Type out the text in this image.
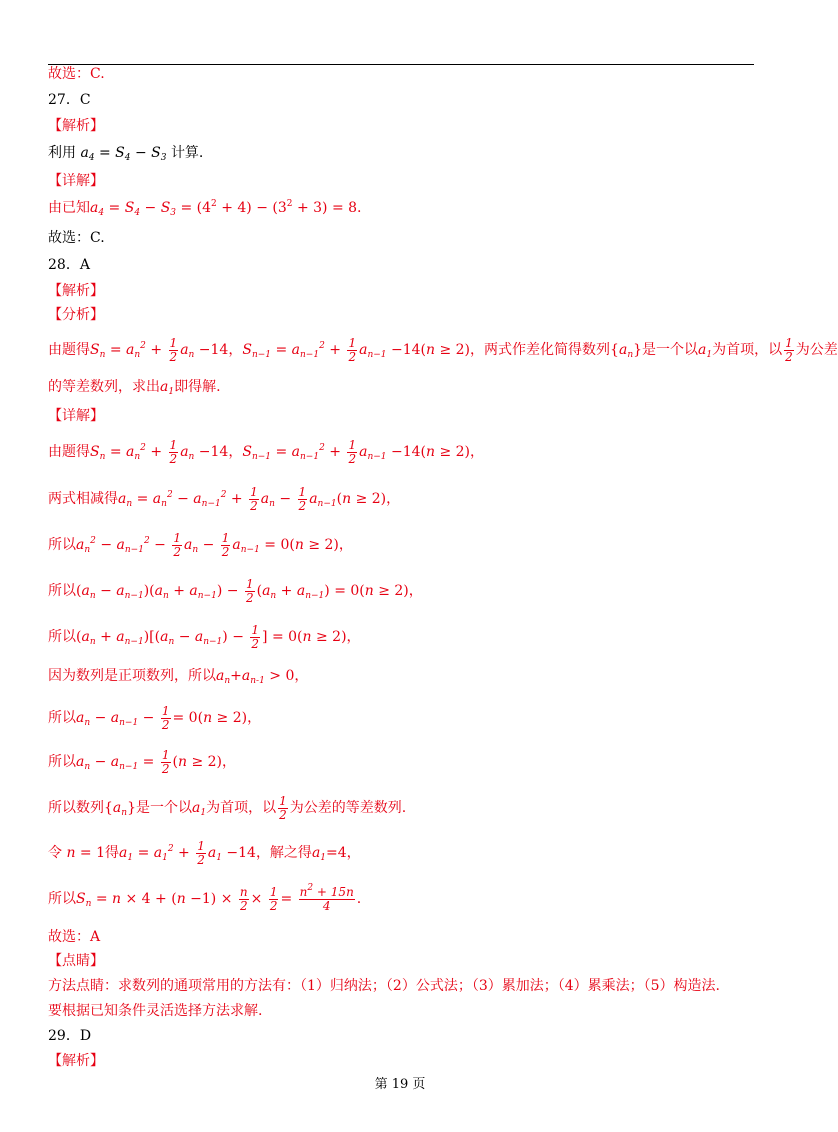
故选：C.
27．C
【解析】
利用 $a_4 = S_4 - S_3$ 计算.
【详解】
由已知$a_4 = S_4 - S_3 = (4^2 + 4) - (3^2 + 3) = 8$.
故选：C.
28．A
【解析】
【分析】
由题得$S_n = a_n^2 + \frac{1}{2} a_n -14$，$S_{n-1} = a_{n-1}^2 + \frac{1}{2} a_{n-1} -14(n \ge 2)$，两式作差化简得数列$\{a_n\}$是一个以$a_1$为首项，以 $\frac{1}{2}$ 为公差
的等差数列，求出$a_1$即得解.
【详解】
由题得$S_n = a_n^2 + \frac{1}{2} a_n -14$，$S_{n-1} = a_{n-1}^2 + \frac{1}{2} a_{n-1} -14(n \ge 2)$，
两式相减得$a_n = a_n^2 - a_{n-1}^2 + \frac{1}{2} a_n - \frac{1}{2} a_{n-1}(n \ge 2)$，
所以$a_n^2 - a_{n-1}^2 - \frac{1}{2} a_n - \frac{1}{2} a_{n-1} = 0(n \ge 2)$，
所以$(a_n - a_{n-1})(a_n + a_{n-1}) - \frac{1}{2} (a_n + a_{n-1}) = 0(n \ge 2)$，
所以$(a_n + a_{n-1})[(a_n - a_{n-1}) - \frac{1}{2}$ ] = 0(n ≥ 2)，
因为数列是正项数列，所以$a_n+a_{n-1} > 0$，
所以$a_n - a_{n-1} - \frac{1}{2} = 0(n \ge 2)$，
所以$a_n - a_{n-1} = \frac{1}{2} (n \ge 2)$，
所以数列$\{a_n\}$是一个以$a_1$为首项，以 $\frac{1}{2}$ 为公差的等差数列.
令 n = 1得$a_1 = a_1^2 + \frac{1}{2} a_1 -14$，解之得$a_1=4$，
所以$S_n = n \times 4 + (n -1) \times \frac{n}{2} \times \frac{1}{2} = \frac{n^2 + 15n}{4}$ .
故选：A
【点睛】
方法点睛：求数列的通项常用的方法有：（1）归纳法；（2）公式法；（3）累加法；（4）累乘法；（5）构造法.
要根据已知条件灵活选择方法求解.
29．D
【解析】
第 19 页
